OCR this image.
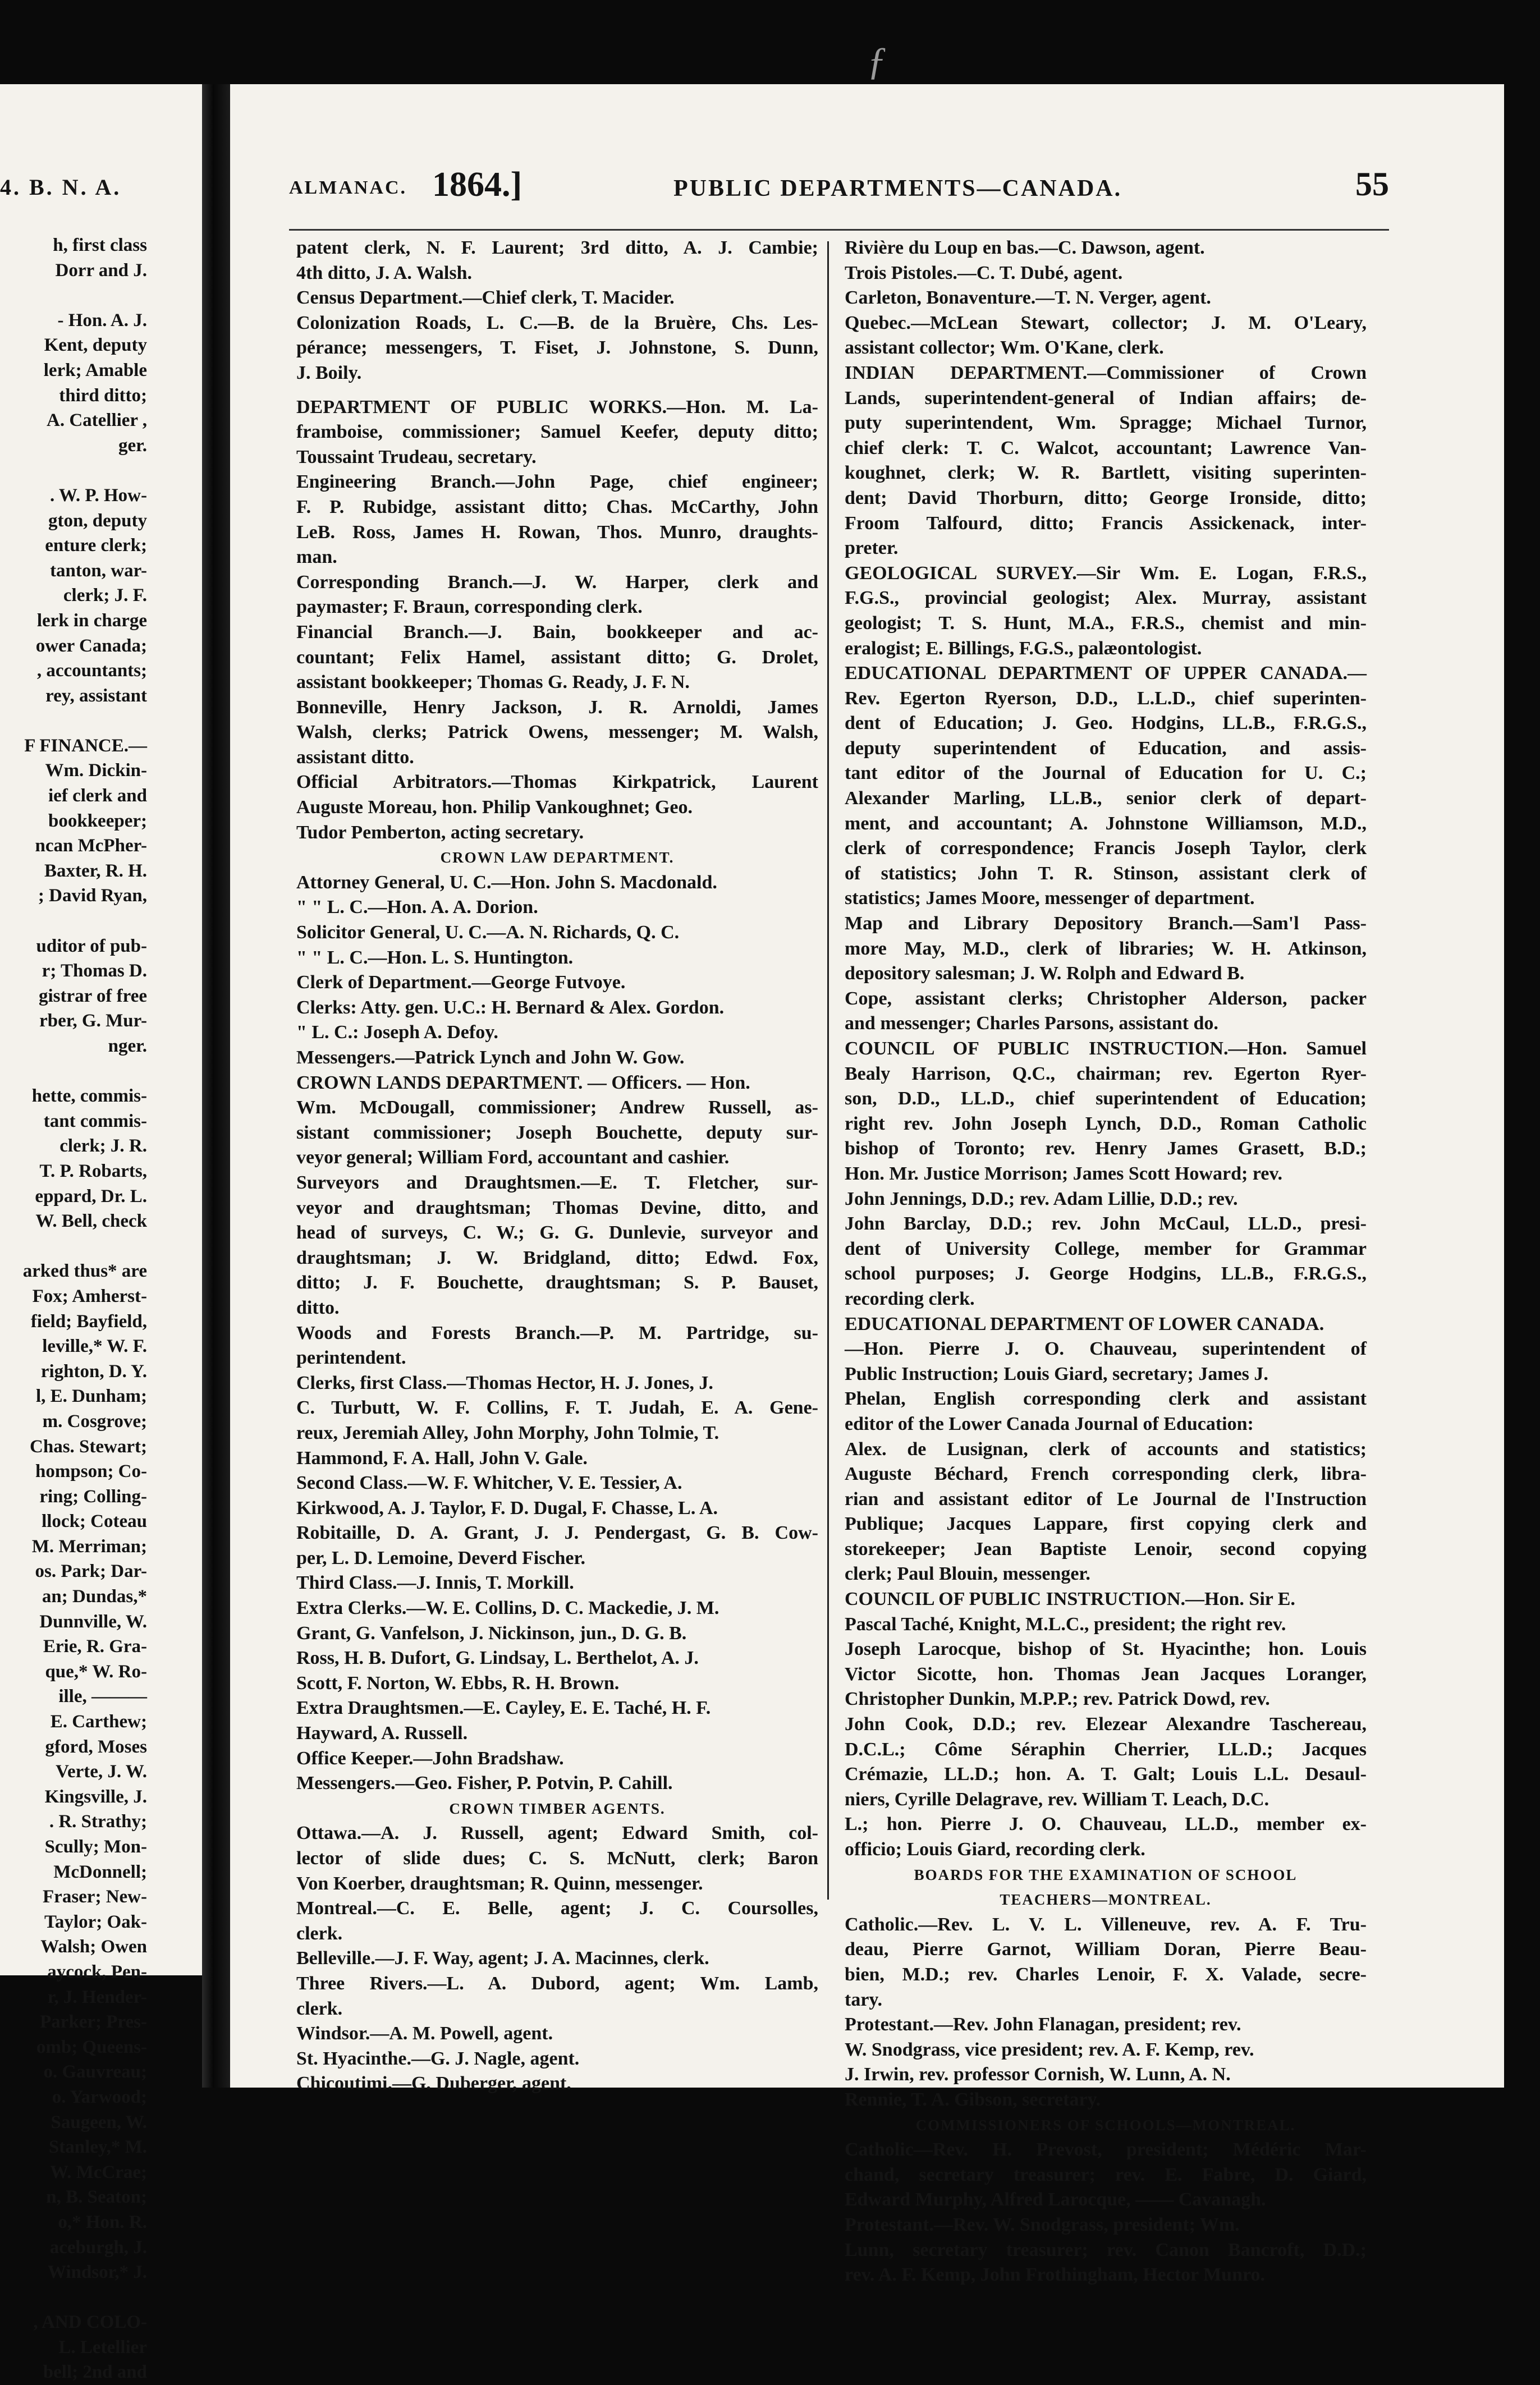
4. B. N. A.
h, first class
Dorr and J.
- Hon. A. J.
Kent, deputy
lerk; Amable
third ditto;
A. Catellier ,
ger.
. W. P. How-
gton, deputy
enture clerk;
tanton, war-
clerk; J. F.
lerk in charge
ower Canada;
, accountants;
rey, assistant
F FINANCE.—
Wm. Dickin-
ief clerk and
bookkeeper;
ncan McPher-
Baxter, R. H.
; David Ryan,
uditor of pub-
r; Thomas D.
gistrar of free
rber, G. Mur-
nger.
hette, commis-
tant commis-
clerk; J. R.
T. P. Robarts,
eppard, Dr. L.
W. Bell, check
arked thus* are
Fox; Amherst-
field; Bayfield,
leville,* W. F.
righton, D. Y.
l, E. Dunham;
m. Cosgrove;
Chas. Stewart;
hompson; Co-
ring; Colling-
llock; Coteau
M. Merriman;
os. Park; Dar-
an; Dundas,*
Dunnville, W.
Erie, R. Gra-
que,* W. Ro-
ille, ———
E. Carthew;
gford, Moses
Verte, J. W.
Kingsville, J.
. R. Strathy;
Scully; Mon-
McDonnell;
Fraser; New-
Taylor; Oak-
Walsh; Owen
aycock, Pen-
r, J. Hender-
Parker; Pres-
omb; Queens-
o. Gauvreau;
o. Yarwood;
Saugeen, W.
Stanley,* M.
W. McCrae;
n, B. Seaton;
o,* Hon. R.
aceburgh, J.
Windsor,* J.
, AND COLO-
L. Letellier
bell; 2nd and
ƒ
ALMANAC. 1864.]	PUBLIC DEPARTMENTS—CANADA.	55
patent clerk, N. F. Laurent; 3rd ditto, A. J. Cambie;
4th ditto, J. A. Walsh.
Census Department.—Chief clerk, T. Macider.
Colonization Roads, L. C.—B. de la Bruère, Chs. Les-
pérance; messengers, T. Fiset, J. Johnstone, S. Dunn,
J. Boily.
DEPARTMENT OF PUBLIC WORKS.—Hon. M. La-
framboise, commissioner; Samuel Keefer, deputy ditto;
Toussaint Trudeau, secretary.
Engineering Branch.—John Page, chief engineer;
F. P. Rubidge, assistant ditto; Chas. McCarthy, John
LeB. Ross, James H. Rowan, Thos. Munro, draughts-
man.
Corresponding Branch.—J. W. Harper, clerk and
paymaster; F. Braun, corresponding clerk.
Financial Branch.—J. Bain, bookkeeper and ac-
countant; Felix Hamel, assistant ditto; G. Drolet,
assistant bookkeeper; Thomas G. Ready, J. F. N.
Bonneville, Henry Jackson, J. R. Arnoldi, James
Walsh, clerks; Patrick Owens, messenger; M. Walsh,
assistant ditto.
Official Arbitrators.—Thomas Kirkpatrick, Laurent
Auguste Moreau, hon. Philip Vankoughnet; Geo.
Tudor Pemberton, acting secretary.
CROWN LAW DEPARTMENT.
Attorney General, U. C.—Hon. John S. Macdonald.
" " L. C.—Hon. A. A. Dorion.
Solicitor General, U. C.—A. N. Richards, Q. C.
" " L. C.—Hon. L. S. Huntington.
Clerk of Department.—George Futvoye.
Clerks: Atty. gen. U.C.: H. Bernard & Alex. Gordon.
" L. C.: Joseph A. Defoy.
Messengers.—Patrick Lynch and John W. Gow.
CROWN LANDS DEPARTMENT. — Officers. — Hon.
Wm. McDougall, commissioner; Andrew Russell, as-
sistant commissioner; Joseph Bouchette, deputy sur-
veyor general; William Ford, accountant and cashier.
Surveyors and Draughtsmen.—E. T. Fletcher, sur-
veyor and draughtsman; Thomas Devine, ditto, and
head of surveys, C. W.; G. G. Dunlevie, surveyor and
draughtsman; J. W. Bridgland, ditto; Edwd. Fox,
ditto; J. F. Bouchette, draughtsman; S. P. Bauset,
ditto.
Woods and Forests Branch.—P. M. Partridge, su-
perintendent.
Clerks, first Class.—Thomas Hector, H. J. Jones, J.
C. Turbutt, W. F. Collins, F. T. Judah, E. A. Gene-
reux, Jeremiah Alley, John Morphy, John Tolmie, T.
Hammond, F. A. Hall, John V. Gale.
Second Class.—W. F. Whitcher, V. E. Tessier, A.
Kirkwood, A. J. Taylor, F. D. Dugal, F. Chasse, L. A.
Robitaille, D. A. Grant, J. J. Pendergast, G. B. Cow-
per, L. D. Lemoine, Deverd Fischer.
Third Class.—J. Innis, T. Morkill.
Extra Clerks.—W. E. Collins, D. C. Mackedie, J. M.
Grant, G. Vanfelson, J. Nickinson, jun., D. G. B.
Ross, H. B. Dufort, G. Lindsay, L. Berthelot, A. J.
Scott, F. Norton, W. Ebbs, R. H. Brown.
Extra Draughtsmen.—E. Cayley, E. E. Taché, H. F.
Hayward, A. Russell.
Office Keeper.—John Bradshaw.
Messengers.—Geo. Fisher, P. Potvin, P. Cahill.
CROWN TIMBER AGENTS.
Ottawa.—A. J. Russell, agent; Edward Smith, col-
lector of slide dues; C. S. McNutt, clerk; Baron
Von Koerber, draughtsman; R. Quinn, messenger.
Montreal.—C. E. Belle, agent; J. C. Coursolles,
clerk.
Belleville.—J. F. Way, agent; J. A. Macinnes, clerk.
Three Rivers.—L. A. Dubord, agent; Wm. Lamb,
clerk.
Windsor.—A. M. Powell, agent.
St. Hyacinthe.—G. J. Nagle, agent.
Chicoutimi.—G. Duberger, agent.
Rivière du Loup en bas.—C. Dawson, agent.
Trois Pistoles.—C. T. Dubé, agent.
Carleton, Bonaventure.—T. N. Verger, agent.
Quebec.—McLean Stewart, collector; J. M. O'Leary,
assistant collector; Wm. O'Kane, clerk.
INDIAN DEPARTMENT.—Commissioner of Crown
Lands, superintendent-general of Indian affairs; de-
puty superintendent, Wm. Spragge; Michael Turnor,
chief clerk: T. C. Walcot, accountant; Lawrence Van-
koughnet, clerk; W. R. Bartlett, visiting superinten-
dent; David Thorburn, ditto; George Ironside, ditto;
Froom Talfourd, ditto; Francis Assickenack, inter-
preter.
GEOLOGICAL SURVEY.—Sir Wm. E. Logan, F.R.S.,
F.G.S., provincial geologist; Alex. Murray, assistant
geologist; T. S. Hunt, M.A., F.R.S., chemist and min-
eralogist; E. Billings, F.G.S., palæontologist.
EDUCATIONAL DEPARTMENT OF UPPER CANADA.—
Rev. Egerton Ryerson, D.D., L.L.D., chief superinten-
dent of Education; J. Geo. Hodgins, LL.B., F.R.G.S.,
deputy superintendent of Education, and assis-
tant editor of the Journal of Education for U. C.;
Alexander Marling, LL.B., senior clerk of depart-
ment, and accountant; A. Johnstone Williamson, M.D.,
clerk of correspondence; Francis Joseph Taylor, clerk
of statistics; John T. R. Stinson, assistant clerk of
statistics; James Moore, messenger of department.
Map and Library Depository Branch.—Sam'l Pass-
more May, M.D., clerk of libraries; W. H. Atkinson,
depository salesman; J. W. Rolph and Edward B.
Cope, assistant clerks; Christopher Alderson, packer
and messenger; Charles Parsons, assistant do.
COUNCIL OF PUBLIC INSTRUCTION.—Hon. Samuel
Bealy Harrison, Q.C., chairman; rev. Egerton Ryer-
son, D.D., LL.D., chief superintendent of Education;
right rev. John Joseph Lynch, D.D., Roman Catholic
bishop of Toronto; rev. Henry James Grasett, B.D.;
Hon. Mr. Justice Morrison; James Scott Howard; rev.
John Jennings, D.D.; rev. Adam Lillie, D.D.; rev.
John Barclay, D.D.; rev. John McCaul, LL.D., presi-
dent of University College, member for Grammar
school purposes; J. George Hodgins, LL.B., F.R.G.S.,
recording clerk.
EDUCATIONAL DEPARTMENT OF LOWER CANADA.
—Hon. Pierre J. O. Chauveau, superintendent of
Public Instruction; Louis Giard, secretary; James J.
Phelan, English corresponding clerk and assistant
editor of the Lower Canada Journal of Education:
Alex. de Lusignan, clerk of accounts and statistics;
Auguste Béchard, French corresponding clerk, libra-
rian and assistant editor of Le Journal de l'Instruction
Publique; Jacques Lappare, first copying clerk and
storekeeper; Jean Baptiste Lenoir, second copying
clerk; Paul Blouin, messenger.
COUNCIL OF PUBLIC INSTRUCTION.—Hon. Sir E.
Pascal Taché, Knight, M.L.C., president; the right rev.
Joseph Larocque, bishop of St. Hyacinthe; hon. Louis
Victor Sicotte, hon. Thomas Jean Jacques Loranger,
Christopher Dunkin, M.P.P.; rev. Patrick Dowd, rev.
John Cook, D.D.; rev. Elezear Alexandre Taschereau,
D.C.L.; Côme Séraphin Cherrier, LL.D.; Jacques
Crémazie, LL.D.; hon. A. T. Galt; Louis L.L. Desaul-
niers, Cyrille Delagrave, rev. William T. Leach, D.C.
L.; hon. Pierre J. O. Chauveau, LL.D., member ex-
officio; Louis Giard, recording clerk.
BOARDS FOR THE EXAMINATION OF SCHOOL
TEACHERS—MONTREAL.
Catholic.—Rev. L. V. L. Villeneuve, rev. A. F. Tru-
deau, Pierre Garnot, William Doran, Pierre Beau-
bien, M.D.; rev. Charles Lenoir, F. X. Valade, secre-
tary.
Protestant.—Rev. John Flanagan, president; rev.
W. Snodgrass, vice president; rev. A. F. Kemp, rev.
J. Irwin, rev. professor Cornish, W. Lunn, A. N.
Rennie, T. A. Gibson, secretary.
COMMISSIONERS OF SCHOOLS—MONTREAL.
Catholic—Rev. H. Prevost, president; Médéric Mar-
chand, secretary treasurer; rev. E. Fabre, D. Giard,
Edward Murphy, Alfred Larocque, —— Cavanagh.
Protestant.—Rev. W. Snodgrass, president; Wm.
Lunn, secretary treasurer; rev. Canon Bancroft, D.D.;
rev. A. F. Kemp, John Frothingham, Hector Munro.
